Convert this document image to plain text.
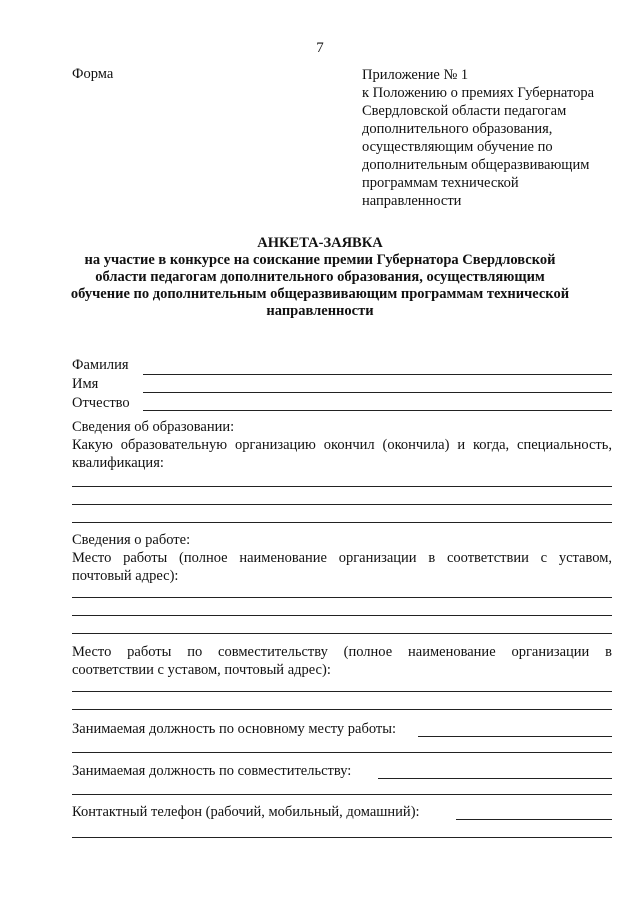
7
Форма	Приложение № 1
к Положению о премиях Губернатора
Свердловской области педагогам
дополнительного образования,
осуществляющим обучение по
дополнительным общеразвивающим
программам технической
направленности
АНКЕТА-ЗАЯВКА
на участие в конкурсе на соискание премии Губернатора Свердловской
области педагогам дополнительного образования, осуществляющим
обучение по дополнительным общеразвивающим программам технической
направленности
Фамилия
Имя
Отчество
Сведения об образовании:
Какую образовательную организацию окончил (окончила) и когда, специальность,
квалификация:
Сведения о работе:
Место работы (полное наименование организации в соответствии с уставом,
почтовый адрес):
Место работы по совместительству (полное наименование организации в
соответствии с уставом, почтовый адрес):
Занимаемая должность по основному месту работы:
Занимаемая должность по совместительству:
Контактный телефон (рабочий, мобильный, домашний):
